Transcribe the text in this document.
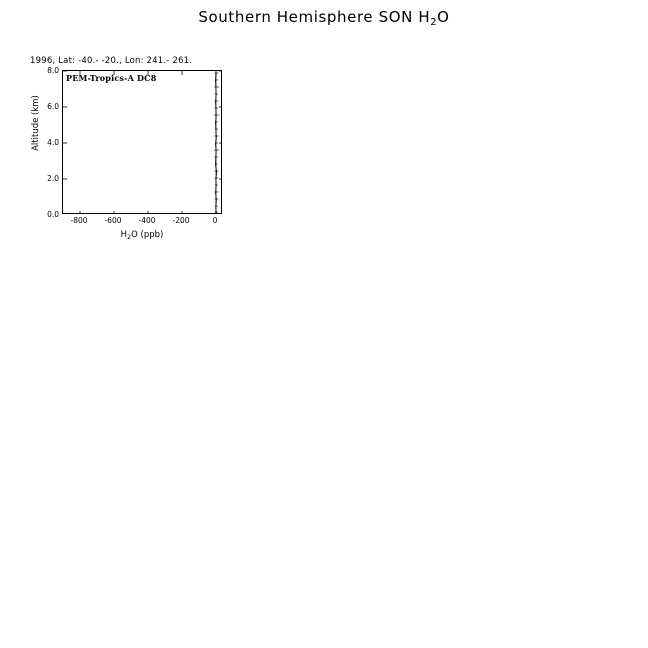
Southern Hemisphere SON $H_2O$
1996, Lat: -40.- -20., Lon: 241.- 261.
8.0
6.0
4.0
2.0
0.0
PEM-Tropics-A DC8
-800 -600 -400 -200	0
$H_2O$ (ppb)
Altitude (km)
